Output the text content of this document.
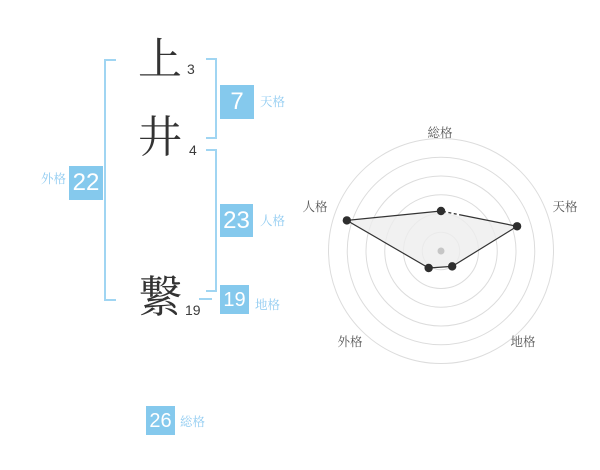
上
井
繋
3
4
19
7	天格
22
外格
23 人格
19 地格
26 総格
総格
天格
地格
外格
人格
